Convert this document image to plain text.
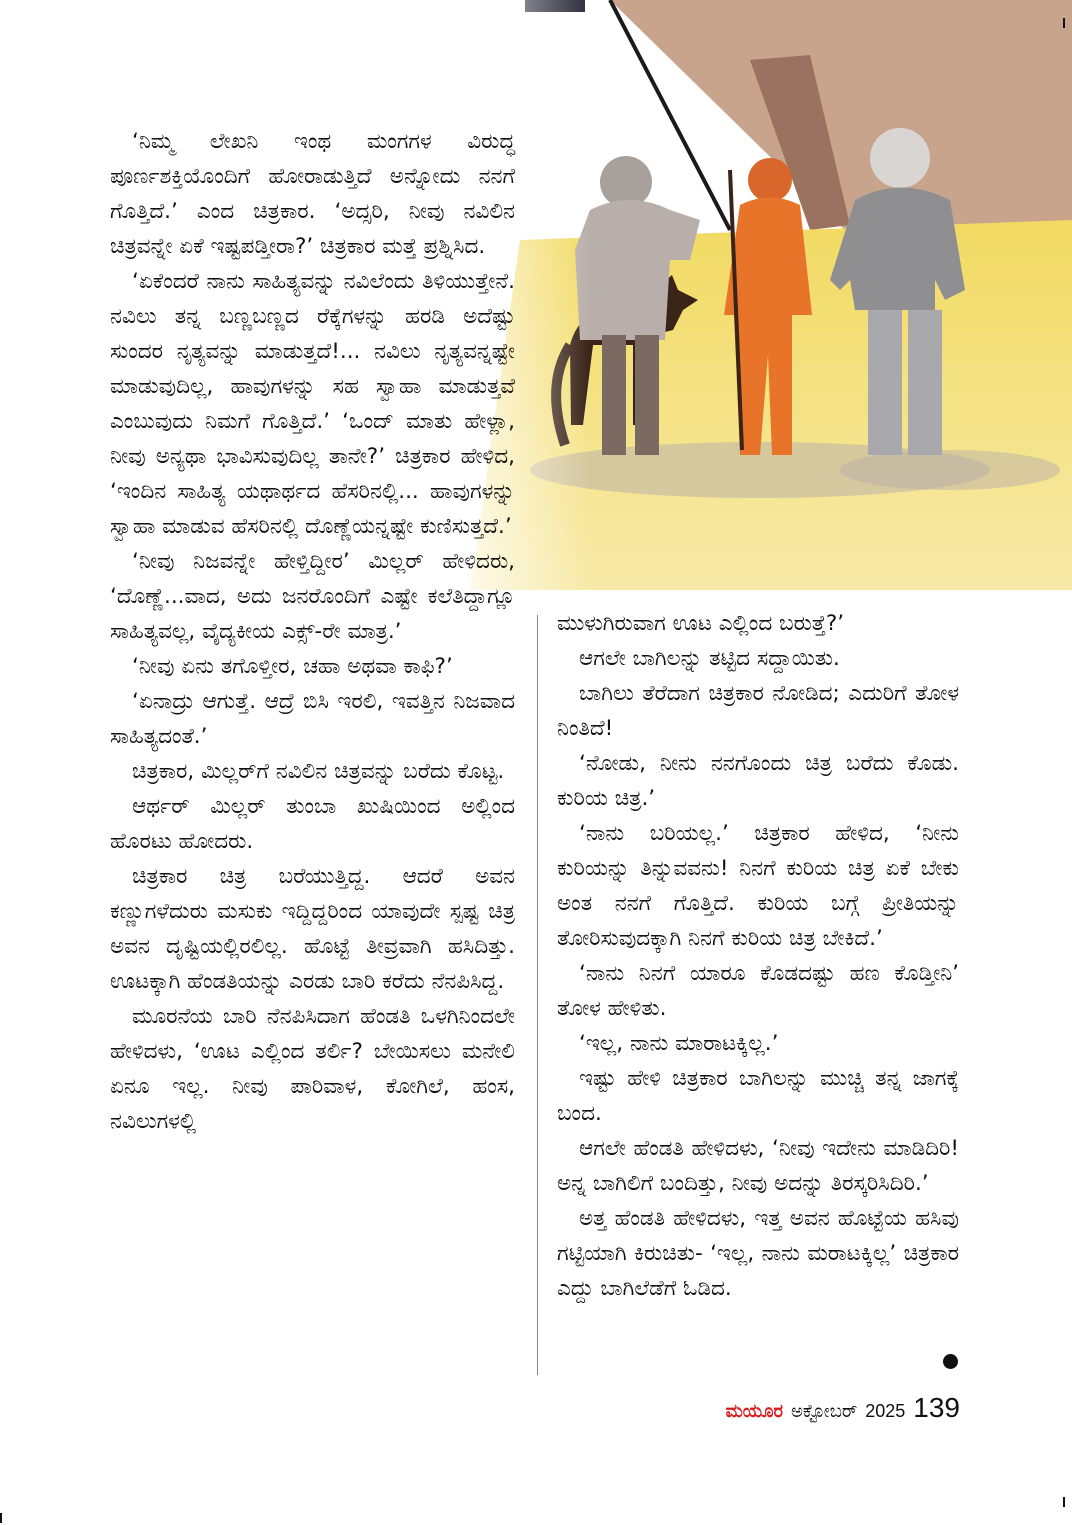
‘ನಿಮ್ಮ ಲೇಖನಿ ಇಂಥ ಮಂಗಗಳ ವಿರುದ್ಧ ಪೂರ್ಣಶಕ್ತಿಯೊಂದಿಗೆ ಹೋರಾಡುತ್ತಿದೆ ಅನ್ನೋದು ನನಗೆ ಗೊತ್ತಿದೆ.’ ಎಂದ ಚಿತ್ರಕಾರ. ‘ಅದ್ಸರಿ, ನೀವು ನವಿಲಿನ ಚಿತ್ರವನ್ನೇ ಏಕೆ ಇಷ್ಟಪಡ್ತೀರಾ?’ ಚಿತ್ರಕಾರ ಮತ್ತೆ ಪ್ರಶ್ನಿಸಿದ.

‘ಏಕೆಂದರೆ ನಾನು ಸಾಹಿತ್ಯವನ್ನು ನವಿಲೆಂದು ತಿಳಿಯುತ್ತೇನೆ. ನವಿಲು ತನ್ನ ಬಣ್ಣಬಣ್ಣದ ರೆಕ್ಕೆಗಳನ್ನು ಹರಡಿ ಅದೆಷ್ಟು ಸುಂದರ ನೃತ್ಯವನ್ನು ಮಾಡುತ್ತದೆ!... ನವಿಲು ನೃತ್ಯವನ್ನಷ್ಟೇ ಮಾಡುವುದಿಲ್ಲ, ಹಾವುಗಳನ್ನು ಸಹ ಸ್ವಾಹಾ ಮಾಡುತ್ತವೆ ಎಂಬುವುದು ನಿಮಗೆ ಗೊತ್ತಿದೆ.’ ‘ಒಂದ್ ಮಾತು ಹೇಳ್ಲಾ, ನೀವು ಅನ್ಯಥಾ ಭಾವಿಸುವುದಿಲ್ಲ ತಾನೇ?’ ಚಿತ್ರಕಾರ ಹೇಳಿದ, ‘ಇಂದಿನ ಸಾಹಿತ್ಯ ಯಥಾರ್ಥದ ಹೆಸರಿನಲ್ಲಿ... ಹಾವುಗಳನ್ನು ಸ್ವಾಹಾ ಮಾಡುವ ಹೆಸರಿನಲ್ಲಿ ದೊಣ್ಣೆಯನ್ನಷ್ಟೇ ಕುಣಿಸುತ್ತದೆ.’

‘ನೀವು ನಿಜವನ್ನೇ ಹೇಳ್ತಿದ್ದೀರ’ ಮಿಲ್ಲರ್ ಹೇಳಿದರು, ‘ದೊಣ್ಣೆ...ವಾದ, ಅದು ಜನರೊಂದಿಗೆ ಎಷ್ಟೇ ಕಲೆತಿದ್ದಾಗ್ಲೂ ಸಾಹಿತ್ಯವಲ್ಲ, ವೈದ್ಯಕೀಯ ಎಕ್ಸ್-ರೇ ಮಾತ್ರ.’

‘ನೀವು ಏನು ತಗೊಳ್ತೀರ, ಚಹಾ ಅಥವಾ ಕಾಫಿ?’

‘ಏನಾದ್ರು ಆಗುತ್ತೆ. ಆದ್ರೆ ಬಿಸಿ ಇರಲಿ, ಇವತ್ತಿನ ನಿಜವಾದ ಸಾಹಿತ್ಯದಂತೆ.’

ಚಿತ್ರಕಾರ, ಮಿಲ್ಲರ್‌ಗೆ ನವಿಲಿನ ಚಿತ್ರವನ್ನು ಬರೆದು ಕೊಟ್ಟ.

ಆರ್ಥರ್ ಮಿಲ್ಲರ್ ತುಂಬಾ ಖುಷಿಯಿಂದ ಅಲ್ಲಿಂದ ಹೊರಟು ಹೋದರು.

ಚಿತ್ರಕಾರ ಚಿತ್ರ ಬರೆಯುತ್ತಿದ್ದ. ಆದರೆ ಅವನ ಕಣ್ಣುಗಳೆದುರು ಮಸುಕು ಇದ್ದಿದ್ದರಿಂದ ಯಾವುದೇ ಸ್ಪಷ್ಟ ಚಿತ್ರ ಅವನ ದೃಷ್ಟಿಯಲ್ಲಿರಲಿಲ್ಲ. ಹೊಟ್ಟೆ ತೀವ್ರವಾಗಿ ಹಸಿದಿತ್ತು. ಊಟಕ್ಕಾಗಿ ಹೆಂಡತಿಯನ್ನು ಎರಡು ಬಾರಿ ಕರೆದು ನೆನಪಿಸಿದ್ದ.

ಮೂರನೆಯ ಬಾರಿ ನೆನಪಿಸಿದಾಗ ಹೆಂಡತಿ ಒಳಗಿನಿಂದಲೇ ಹೇಳಿದಳು, ‘ಊಟ ಎಲ್ಲಿಂದ ತರ್ಲಿ? ಬೇಯಿಸಲು ಮನೇಲಿ ಏನೂ ಇಲ್ಲ. ನೀವು ಪಾರಿವಾಳ, ಕೋಗಿಲೆ, ಹಂಸ, ನವಿಲುಗಳಲ್ಲಿ

ಮುಳುಗಿರುವಾಗ ಊಟ ಎಲ್ಲಿಂದ ಬರುತ್ತೆ?’

ಆಗಲೇ ಬಾಗಿಲನ್ನು ತಟ್ಟಿದ ಸದ್ದಾಯಿತು.

ಬಾಗಿಲು ತೆರೆದಾಗ ಚಿತ್ರಕಾರ ನೋಡಿದ; ಎದುರಿಗೆ ತೋಳ ನಿಂತಿದೆ!

‘ನೋಡು, ನೀನು ನನಗೊಂದು ಚಿತ್ರ ಬರೆದು ಕೊಡು. ಕುರಿಯ ಚಿತ್ರ.’

‘ನಾನು ಬರಿಯಲ್ಲ.’ ಚಿತ್ರಕಾರ ಹೇಳಿದ, ‘ನೀನು ಕುರಿಯನ್ನು ತಿನ್ನುವವನು! ನಿನಗೆ ಕುರಿಯ ಚಿತ್ರ ಏಕೆ ಬೇಕು ಅಂತ ನನಗೆ ಗೊತ್ತಿದೆ. ಕುರಿಯ ಬಗ್ಗೆ ಪ್ರೀತಿಯನ್ನು ತೋರಿಸುವುದಕ್ಕಾಗಿ ನಿನಗೆ ಕುರಿಯ ಚಿತ್ರ ಬೇಕಿದೆ.’

‘ನಾನು ನಿನಗೆ ಯಾರೂ ಕೊಡದಷ್ಟು ಹಣ ಕೊಡ್ತೀನಿ’ ತೋಳ ಹೇಳಿತು.

‘ಇಲ್ಲ, ನಾನು ಮಾರಾಟಕ್ಕಿಲ್ಲ.’

ಇಷ್ಟು ಹೇಳಿ ಚಿತ್ರಕಾರ ಬಾಗಿಲನ್ನು ಮುಚ್ಚಿ ತನ್ನ ಜಾಗಕ್ಕೆ ಬಂದ.

ಆಗಲೇ ಹೆಂಡತಿ ಹೇಳಿದಳು, ‘ನೀವು ಇದೇನು ಮಾಡಿದಿರಿ! ಅನ್ನ ಬಾಗಿಲಿಗೆ ಬಂದಿತ್ತು, ನೀವು ಅದನ್ನು ತಿರಸ್ಕರಿಸಿದಿರಿ.’

ಅತ್ತ ಹೆಂಡತಿ ಹೇಳಿದಳು, ಇತ್ತ ಅವನ ಹೊಟ್ಟೆಯ ಹಸಿವು ಗಟ್ಟಿಯಾಗಿ ಕಿರುಚಿತು- ‘ಇಲ್ಲ, ನಾನು ಮರಾಟಕ್ಕಿಲ್ಲ’ ಚಿತ್ರಕಾರ ಎದ್ದು ಬಾಗಿಲೆಡೆಗೆ ಓಡಿದ.

ಮಯೂರ ಅಕ್ಟೋಬರ್ 2025 139
